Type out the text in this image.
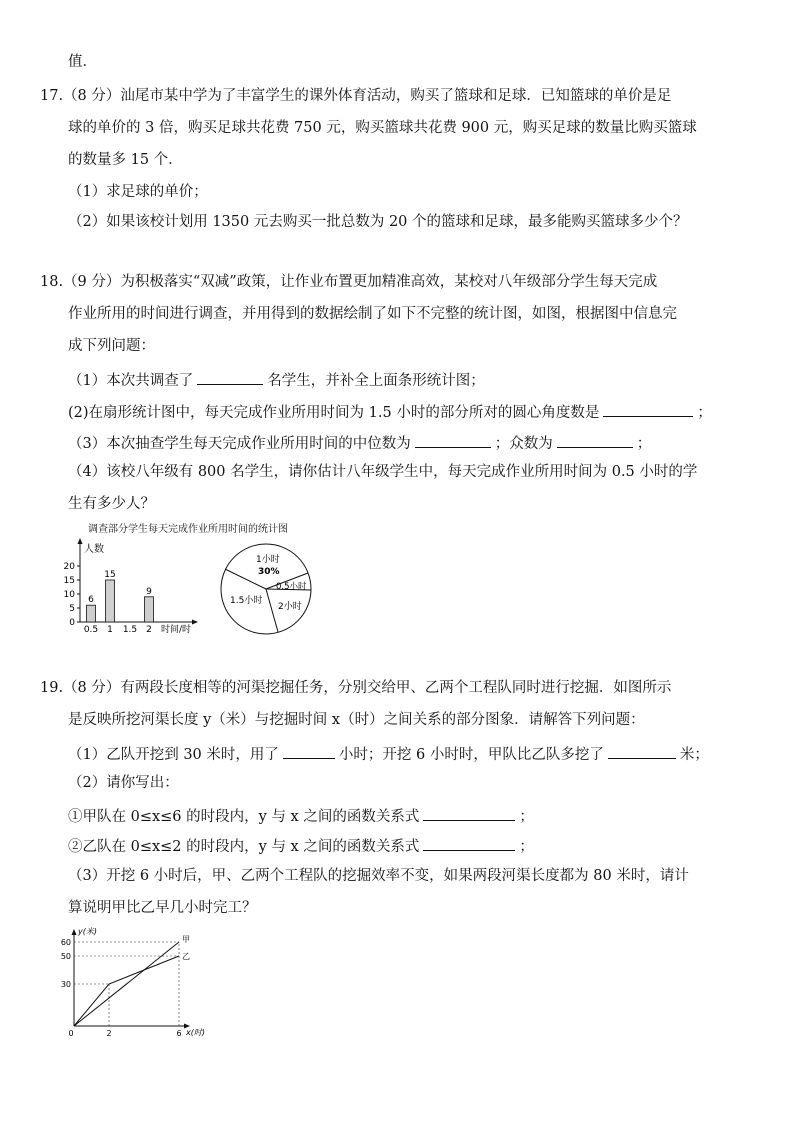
值．
17.（8 分）汕尾市某中学为了丰富学生的课外体育活动，购买了篮球和足球．已知篮球的单价是足
球的单价的 3 倍，购买足球共花费 750 元，购买篮球共花费 900 元，购买足球的数量比购买篮球
的数量多 15 个．
（1）求足球的单价；
（2）如果该校计划用 1350 元去购买一批总数为 20 个的篮球和足球，最多能购买篮球多少个？
18.（9 分）为积极落实“双减”政策，让作业布置更加精准高效，某校对八年级部分学生每天完成
作业所用的时间进行调查，并用得到的数据绘制了如下不完整的统计图，如图，根据图中信息完
成下列问题：
（1）本次共调查了	名学生，并补全上面条形统计图；
(2)在扇形统计图中，每天完成作业所用时间为 1.5 小时的部分所对的圆心角度数是	；
（3）本次抽查学生每天完成作业所用时间的中位数为	；众数为	；
（4）该校八年级有 800 名学生，请你估计八年级学生中，每天完成作业所用时间为 0.5 小时的学
生有多少人？
调查部分学生每天完成作业所用时间的统计图
人数
时间/时
0
5
10
15
20
6
0.5
15
1 1.5
9
2
1小时
30%
0.5小时
2小时
1.5小时
19.（8 分）有两段长度相等的河渠挖掘任务，分别交给甲、乙两个工程队同时进行挖掘．如图所示
是反映所挖河渠长度 y（米）与挖掘时间 x（时）之间关系的部分图象．请解答下列问题：
（1）乙队开挖到 30 米时，用了	小时；开挖 6 小时时，甲队比乙队多挖了	米；
（2）请你写出：
①甲队在 0≤x≤6 的时段内，y 与 x 之间的函数关系式	；
②乙队在 0≤x≤2 的时段内，y 与 x 之间的函数关系式	；
（3）开挖 6 小时后，甲、乙两个工程队的挖掘效率不变，如果两段河渠长度都为 80 米时，请计
算说明甲比乙早几小时完工？
y(米)
x(时)
30
50
60
0	2	6
甲
乙
